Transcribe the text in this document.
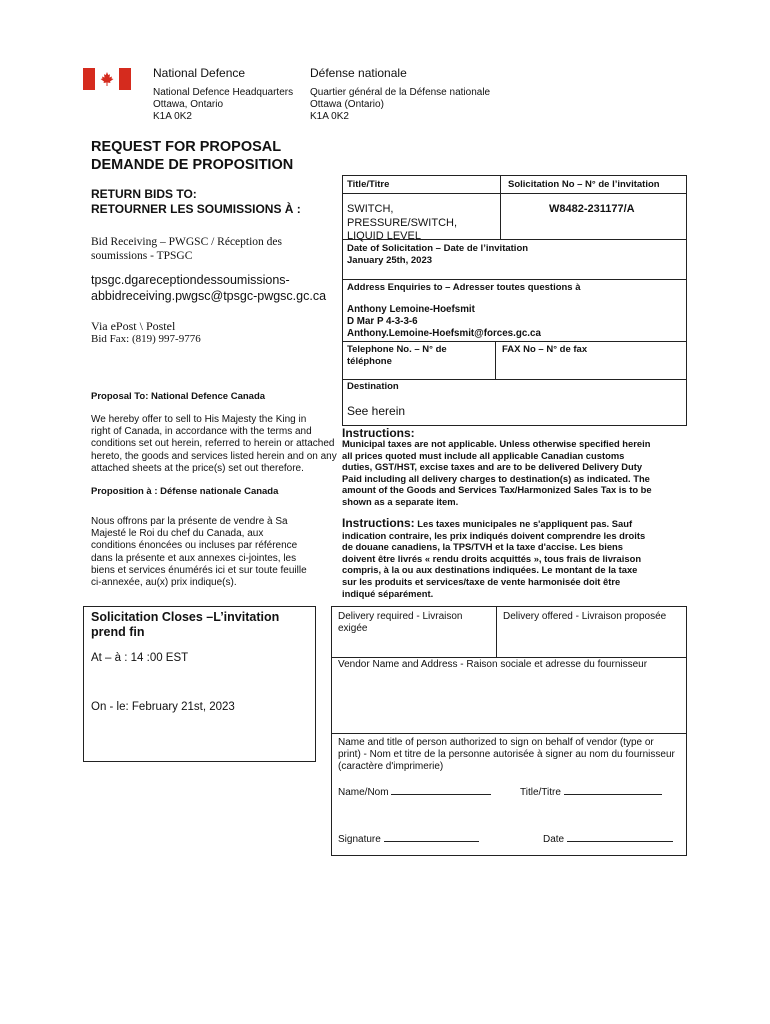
National Defence	Défense nationale
National Defence Headquarters
Ottawa, Ontario
K1A 0K2
Quartier général de la Défense nationale
Ottawa (Ontario)
K1A 0K2
REQUEST FOR PROPOSAL
DEMANDE DE PROPOSITION
RETURN BIDS TO:
RETOURNER LES SOUMISSIONS À :
Bid Receiving – PWGSC / Réception des
soumissions - TPSGC
tpsgc.dgareceptiondessoumissions-
abbidreceiving.pwgsc@tpsgc-pwgsc.gc.ca
Via ePost \ Postel
Bid Fax: (819) 997-9776
Proposal To: National Defence Canada
We hereby offer to sell to His Majesty the King in
right of Canada, in accordance with the terms and
conditions set out herein, referred to herein or attached
hereto, the goods and services listed herein and on any
attached sheets at the price(s) set out therefore.
Proposition à : Défense nationale Canada
Nous offrons par la présente de vendre à Sa
Majesté le Roi du chef du Canada, aux
conditions énoncées ou incluses par référence
dans la présente et aux annexes ci-jointes, les
biens et services énumérés ici et sur toute feuille
ci-annexée, au(x) prix indique(s).
Solicitation Closes –L’invitation
prend fin
At – à : 14 :00 EST
On - le: February 21st, 2023
Title/Titre	Solicitation No – N° de l’invitation
SWITCH,
PRESSURE/SWITCH,
LIQUID LEVEL
W8482-231177/A
Date of Solicitation – Date de l’invitation
January 25th, 2023
Address Enquiries to – Adresser toutes questions à
Anthony Lemoine-Hoefsmit
D Mar P 4-3-3-6
Anthony.Lemoine-Hoefsmit@forces.gc.ca
Telephone No. – N° de
téléphone
FAX No – N° de fax
Destination
See herein
Instructions:
Municipal taxes are not applicable. Unless otherwise specified herein
all prices quoted must include all applicable Canadian customs
duties, GST/HST, excise taxes and are to be delivered Delivery Duty
Paid including all delivery charges to destination(s) as indicated. The
amount of the Goods and Services Tax/Harmonized Sales Tax is to be
shown as a separate item.
Instructions: Les taxes municipales ne s'appliquent pas. Sauf
indication contraire, les prix indiqués doivent comprendre les droits
de douane canadiens, la TPS/TVH et la taxe d'accise. Les biens
doivent être livrés « rendu droits acquittés », tous frais de livraison
compris, à la ou aux destinations indiquées. Le montant de la taxe
sur les produits et services/taxe de vente harmonisée doit être
indiqué séparément.
Delivery required - Livraison
exigée
Delivery offered - Livraison proposée
Vendor Name and Address - Raison sociale et adresse du fournisseur
Name and title of person authorized to sign on behalf of vendor (type or
print) - Nom et titre de la personne autorisée à signer au nom du fournisseur
(caractère d'imprimerie)
Name/Nom	Title/Titre
Signature	Date
